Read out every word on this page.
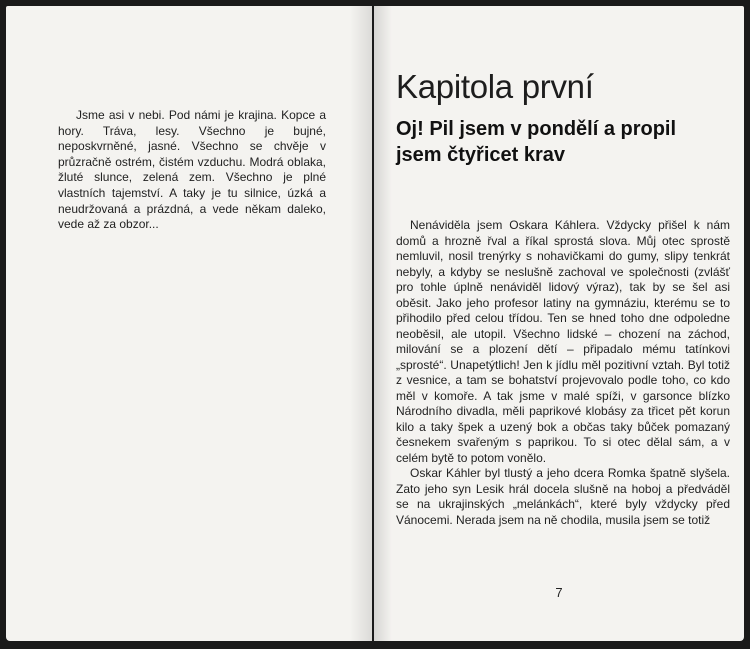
Jsme asi v nebi. Pod námi je krajina. Kopce a hory. Tráva, lesy. Všechno je bujné, neposkvrněné, jasné. Všechno se chvěje v průzračně ostrém, čistém vzduchu. Modrá oblaka, žluté slunce, zelená zem. Všechno je plné vlastních tajemství. A taky je tu silnice, úzká a neudržovaná a prázdná, a vede někam daleko, vede až za obzor...
Kapitola první
Oj! Pil jsem v pondělí a propil jsem čtyřicet krav

Nenáviděla jsem Oskara Káhlera. Vždycky přišel k nám domů a hrozně řval a říkal sprostá slova. Můj otec sprostě nemluvil, nosil trenýrky s nohavičkami do gumy, slipy tenkrát nebyly, a kdyby se neslušně zachoval ve společnosti (zvlášť pro tohle úplně nenáviděl lidový výraz), tak by se šel asi oběsit. Jako jeho profesor latiny na gymnáziu, kterému se to přihodilo před celou třídou. Ten se hned toho dne odpoledne neoběsil, ale utopil. Všechno lidské – chození na záchod, milování se a plození dětí – připadalo mému tatínkovi „sprosté“. Unapetýtlich! Jen k jídlu měl pozitivní vztah. Byl totiž z vesnice, a tam se bohatství projevovalo podle toho, co kdo měl v komoře. A tak jsme v malé spíži, v garsonce blízko Národního divadla, měli paprikové klobásy za třicet pět korun kilo a taky špek a uzený bok a občas taky bůček pomazaný česnekem svařeným s paprikou. To si otec dělal sám, a v celém bytě to potom vonělo.

Oskar Káhler byl tlustý a jeho dcera Romka špatně slyšela. Zato jeho syn Lesik hrál docela slušně na hoboj a předváděl se na ukrajinských „melánkách“, které byly vždycky před Vánocemi. Nerada jsem na ně chodila, musila jsem se totiž

7
